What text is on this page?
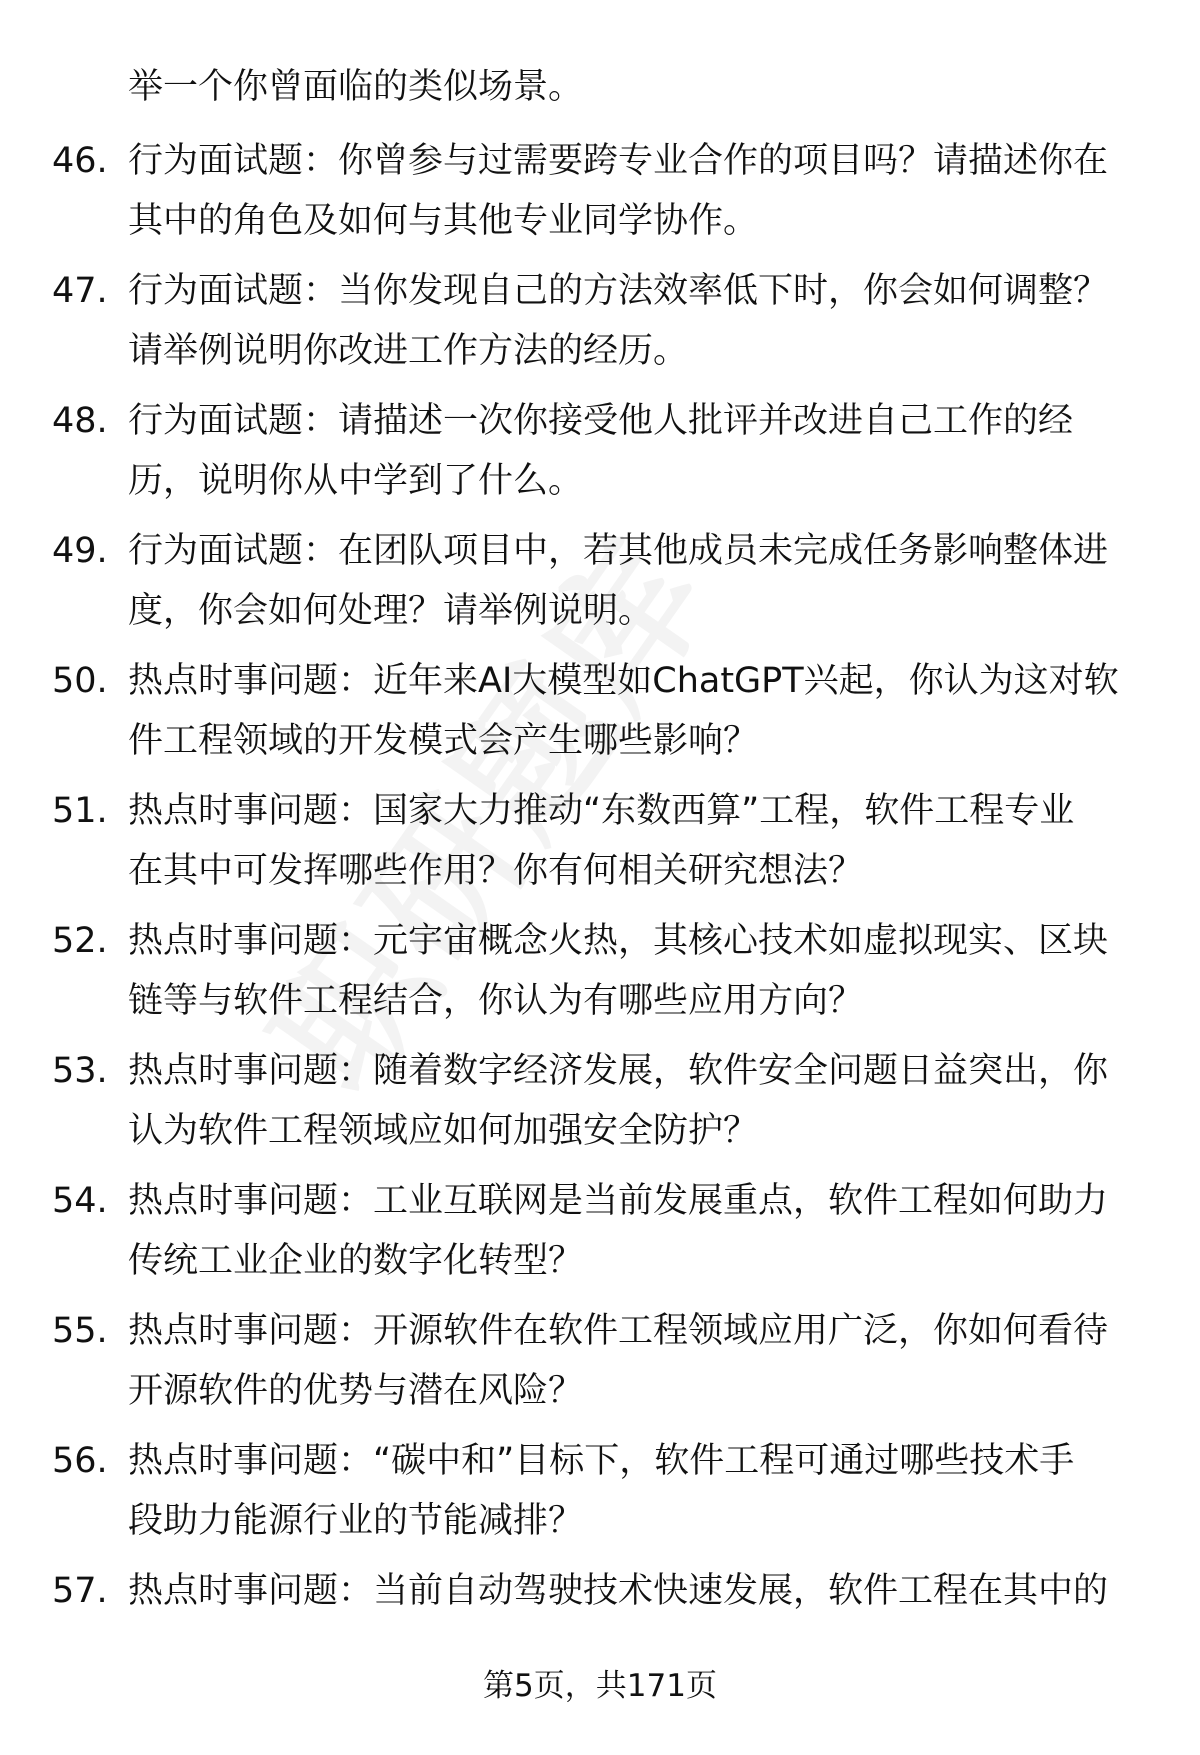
举一个你曾面临的类似场景。
46. 行为面试题：你曾参与过需要跨专业合作的项目吗？请描述你在
其中的角色及如何与其他专业同学协作。
47. 行为面试题：当你发现自己的方法效率低下时，你会如何调整？
请举例说明你改进工作方法的经历。
48. 行为面试题：请描述一次你接受他人批评并改进自己工作的经
历，说明你从中学到了什么。
49. 行为面试题：在团队项目中，若其他成员未完成任务影响整体进
度，你会如何处理？请举例说明。
50. 热点时事问题：近年来AI大模型如ChatGPT兴起，你认为这对软
件工程领域的开发模式会产生哪些影响？
51. 热点时事问题：国家大力推动“东数西算”工程，软件工程专业
在其中可发挥哪些作用？你有何相关研究想法？
52. 热点时事问题：元宇宙概念火热，其核心技术如虚拟现实、区块
链等与软件工程结合，你认为有哪些应用方向？
53. 热点时事问题：随着数字经济发展，软件安全问题日益突出，你
认为软件工程领域应如何加强安全防护？
54. 热点时事问题：工业互联网是当前发展重点，软件工程如何助力
传统工业企业的数字化转型？
55. 热点时事问题：开源软件在软件工程领域应用广泛，你如何看待
开源软件的优势与潜在风险？
56. 热点时事问题：“碳中和”目标下，软件工程可通过哪些技术手
段助力能源行业的节能减排？
57. 热点时事问题：当前自动驾驶技术快速发展，软件工程在其中的
第5页，共171页
